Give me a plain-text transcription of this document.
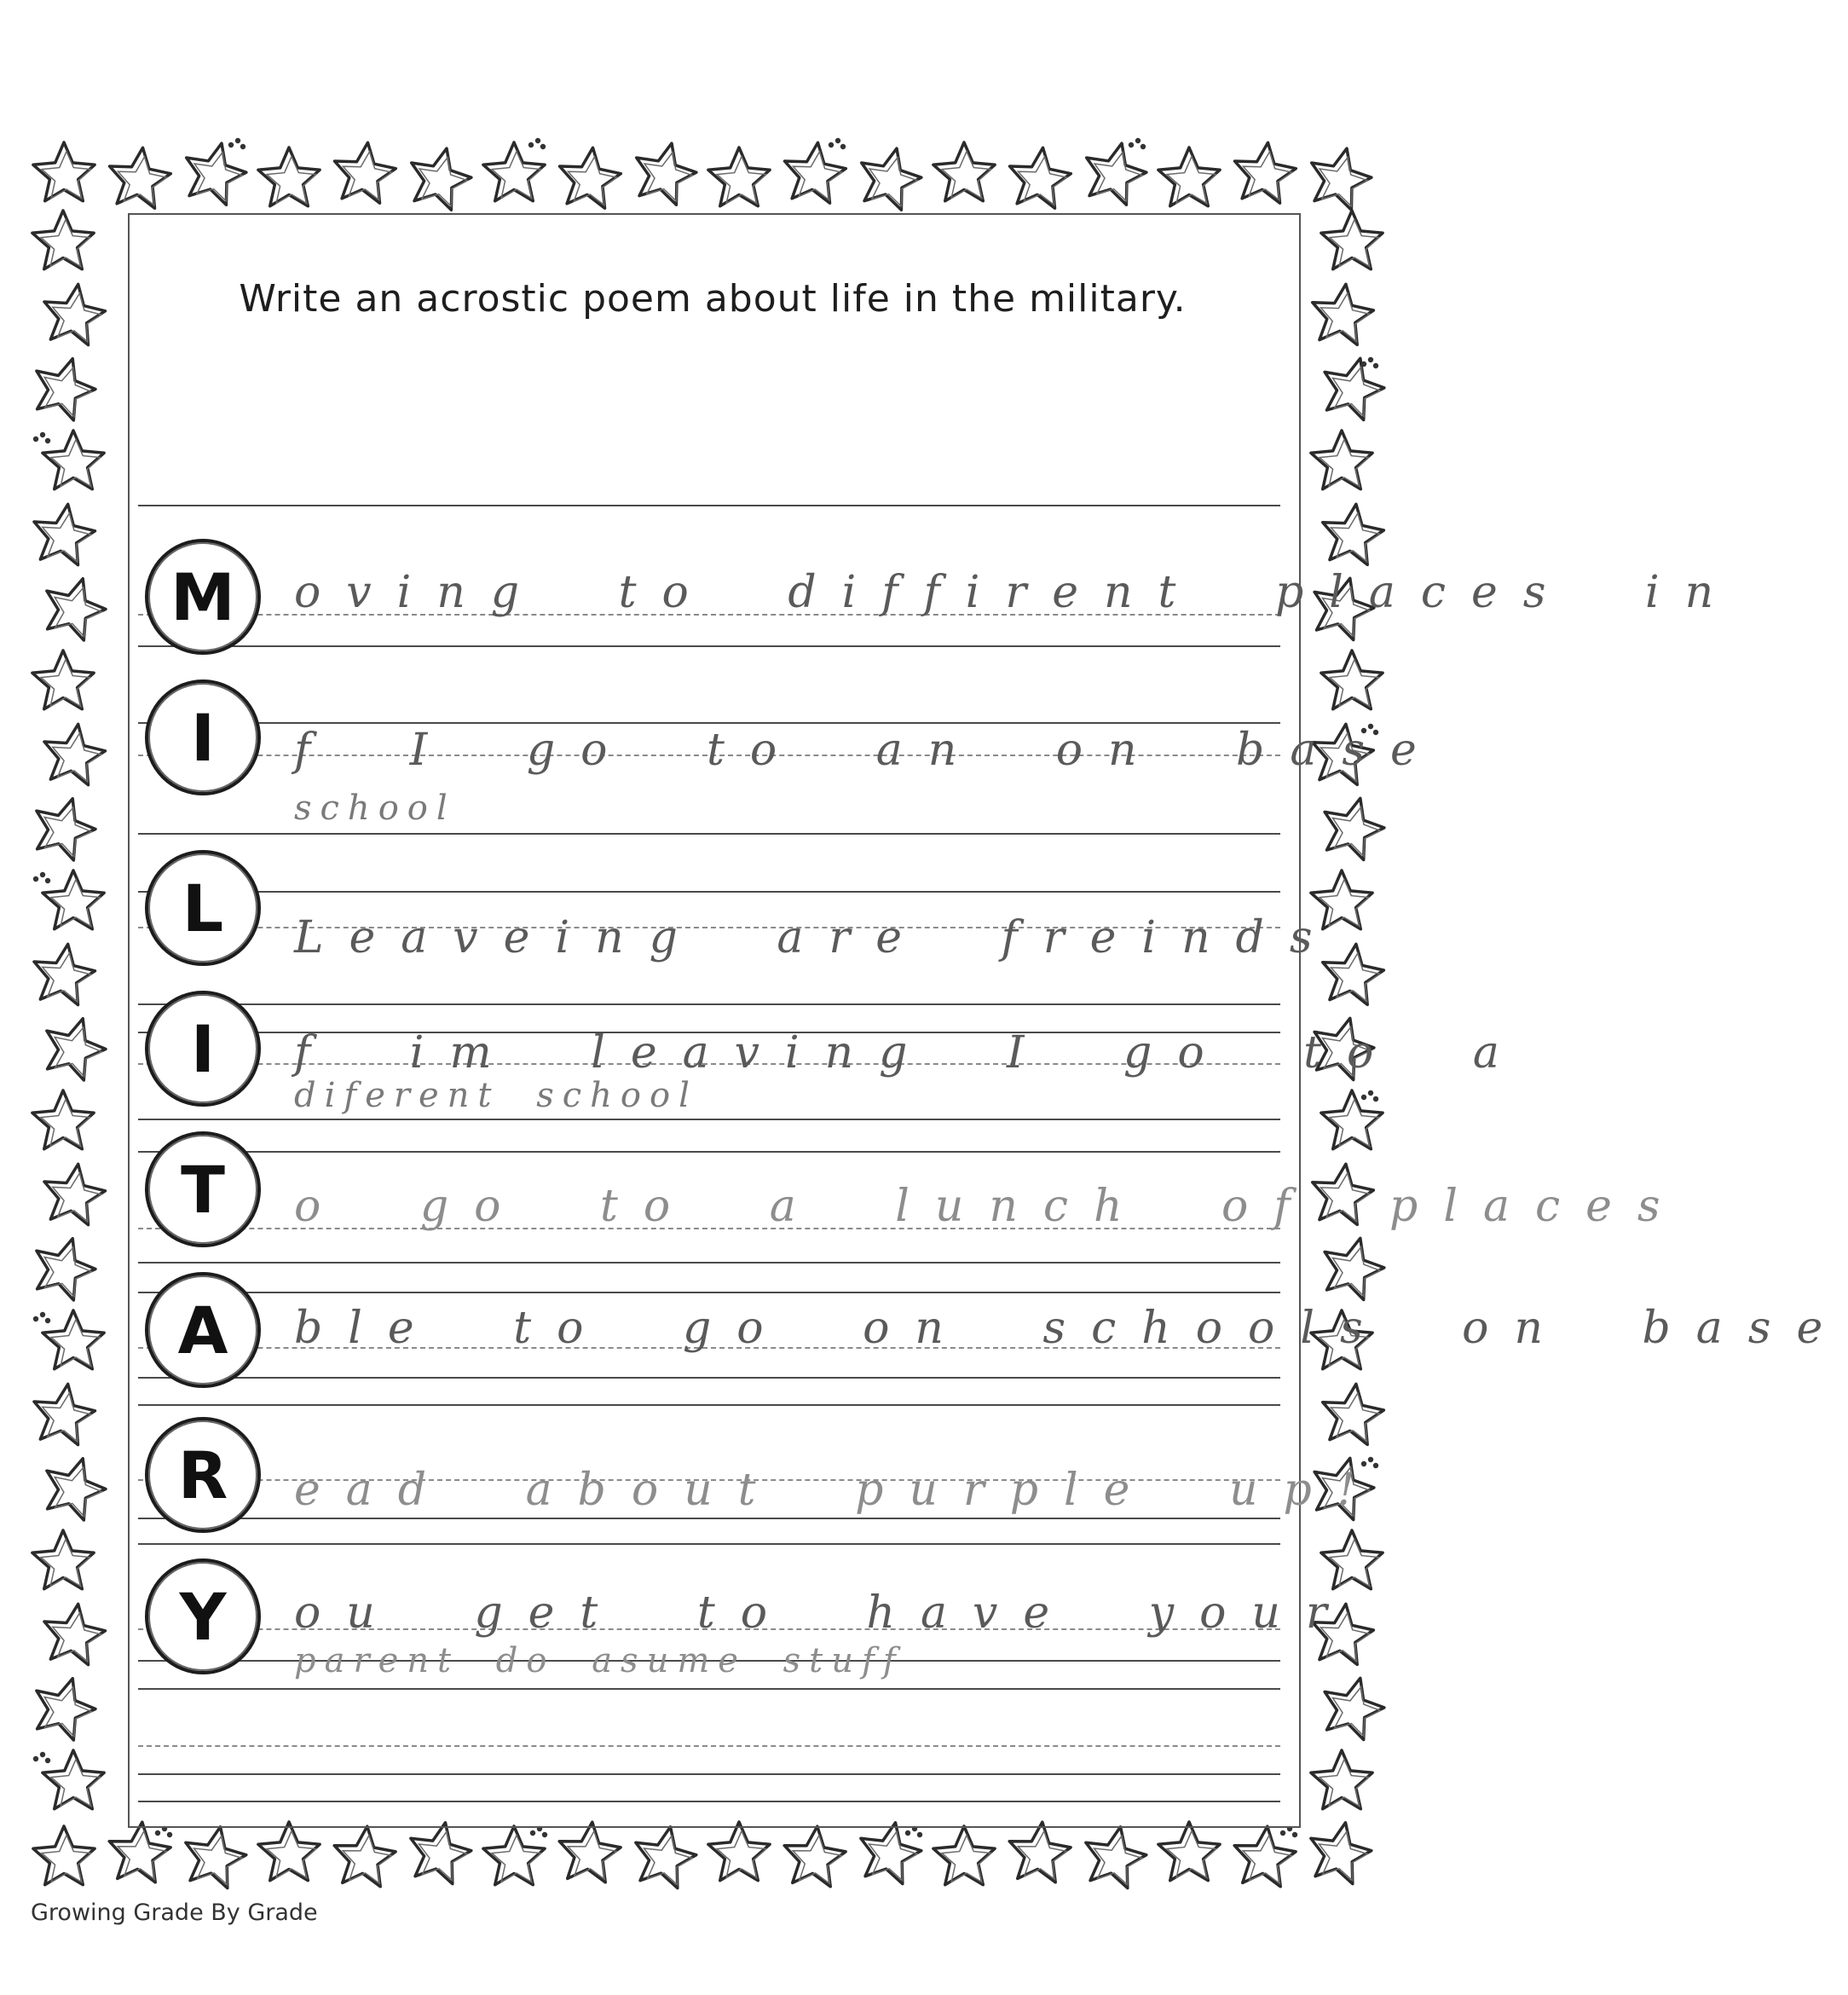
Write an acrostic poem about life in the military.
M	oving to diffirent places in
I	f I go to an on base
school
L	Leaveing are freinds
I	f im leaving I go to a
diferent school
T	o go to a lunch of places
A	ble to go on schools on base
R	ead about purple up!
Y	ou get to have your
parent do asume stuff
Growing Grade By Grade
